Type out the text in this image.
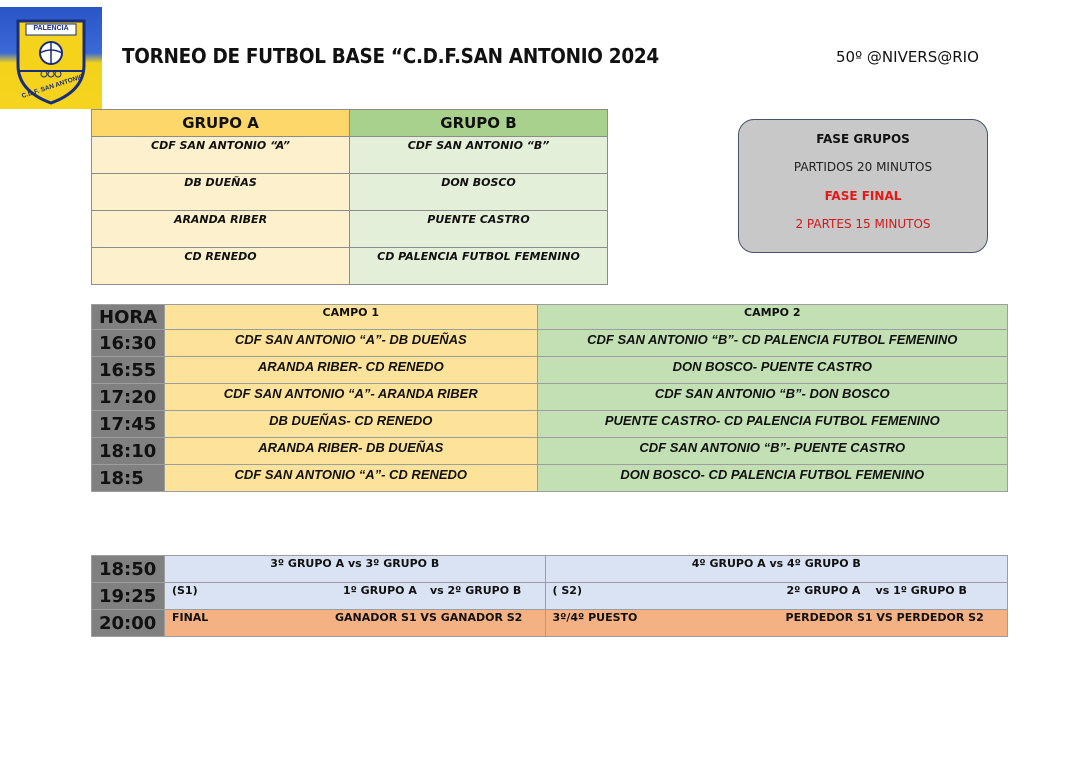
PALENCIA
C.D.F. SAN ANTONIO
TORNEO DE FUTBOL BASE “C.D.F.SAN ANTONIO 2024	50º @NIVERS@RIO
GRUPO A	GRUPO B
CDF SAN ANTONIO “A”	CDF SAN ANTONIO “B”
DB DUEÑAS	DON BOSCO
ARANDA RIBER	PUENTE CASTRO
CD RENEDO	CD PALENCIA FUTBOL FEMENINO
FASE GRUPOS
PARTIDOS 20 MINUTOS
FASE FINAL
2 PARTES 15 MINUTOS
HORA	CAMPO 1	CAMPO 2
16:30	CDF SAN ANTONIO “A”- DB DUEÑAS	CDF SAN ANTONIO “B”- CD PALENCIA FUTBOL FEMENINO
16:55	ARANDA RIBER- CD RENEDO	DON BOSCO- PUENTE CASTRO
17:20	CDF SAN ANTONIO “A”- ARANDA RIBER	CDF SAN ANTONIO “B”- DON BOSCO
17:45	DB DUEÑAS- CD RENEDO	PUENTE CASTRO- CD PALENCIA FUTBOL FEMENINO
18:10	ARANDA RIBER- DB DUEÑAS	CDF SAN ANTONIO “B”- PUENTE CASTRO
18:5	CDF SAN ANTONIO “A”- CD RENEDO	DON BOSCO- CD PALENCIA FUTBOL FEMENINO
18:50	3º GRUPO A vs 3º GRUPO B	4º GRUPO A vs 4º GRUPO B

19:25	(S1) 1º GRUPO A vs 2º GRUPO B	( S2) 2º GRUPO A vs 1º GRUPO B

20:00	FINAL GANADOR S1 VS GANADOR S2	3º/4º PUESTO PERDEDOR S1 VS PERDEDOR S2
